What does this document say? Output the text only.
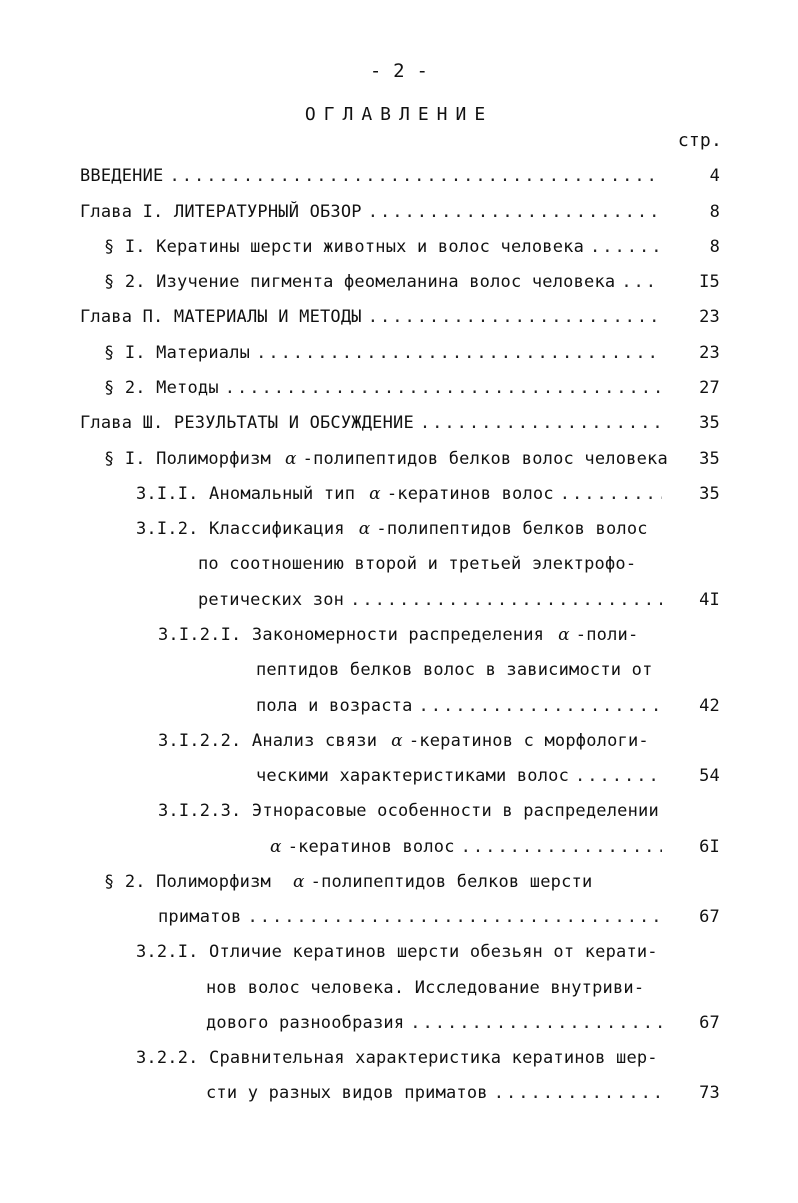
- 2 -
ОГЛАВЛЕНИЕ
стр.
ВВЕДЕНИЕ .....	4
Глава I. ЛИТЕРАТУРНЫЙ ОБЗОР .....	8
§ I. Кератины шерсти животных и волос человека .....	8
§ 2. Изучение пигмента феомеланина волос человека .....	I5
Глава П. МАТЕРИАЛЫ И МЕТОДЫ .....	23
§ I. Материалы .....	23
§ 2. Методы .....	27
Глава Ш. РЕЗУЛЬТАТЫ И ОБСУЖДЕНИЕ .....	35
§ I. Полиморфизм α -полипептидов белков волос человека	35
3.I.I. Аномальный тип α -кератинов волос .....	35
3.I.2. Классификация α -полипептидов белков волос
по соотношению второй и третьей электрофо-
ретических зон .....	4I
3.I.2.I. Закономерности распределения α -поли-
пептидов белков волос в зависимости от
пола и возраста .....	42
3.I.2.2. Анализ связи α -кератинов с морфологи-
ческими характеристиками волос .....	54
3.I.2.3. Этнорасовые особенности в распределении
α -кератинов волос .....	6I
§ 2. Полиморфизм α -полипептидов белков шерсти
приматов .....	67
3.2.I. Отличие кератинов шерсти обезьян от керати-
нов волос человека. Исследование внутриви-
дового разнообразия .....	67
3.2.2. Сравнительная характеристика кератинов шер-
сти у разных видов приматов .....	73
